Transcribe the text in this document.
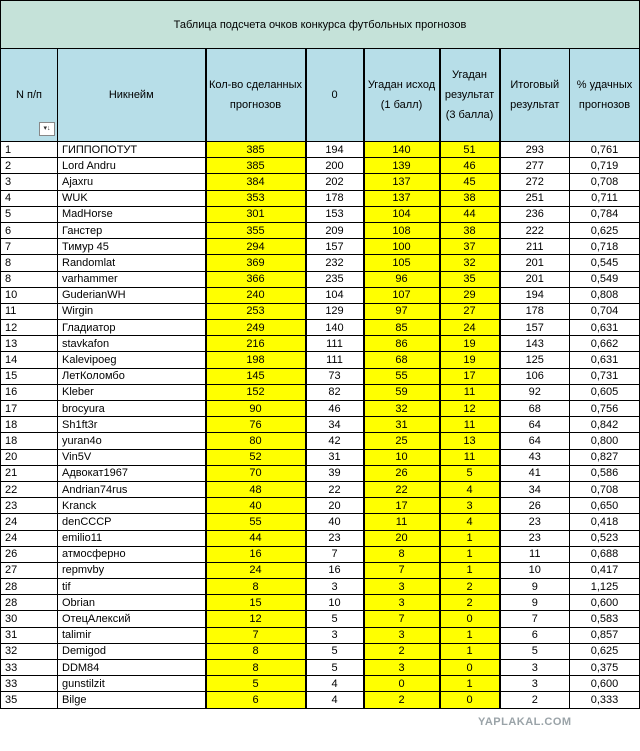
Таблица подсчета очков конкурса футбольных прогнозов							
N п/п	Никнейм	Кол-во сделанных прогнозов	0	Угадан исход (1 балл)	Угадан результат (3 балла)	Итоговый результат	% удачных прогнозов
1	ГИППОПОТУТ	385	194	140	51	293	0,761
2	Lord Andru	385	200	139	46	277	0,719
3	Ajaxru	384	202	137	45	272	0,708
4	WUK	353	178	137	38	251	0,711
5	MadHorse	301	153	104	44	236	0,784
6	Ганстер	355	209	108	38	222	0,625
7	Тимур 45	294	157	100	37	211	0,718
8	Randomlat	369	232	105	32	201	0,545
8	varhammer	366	235	96	35	201	0,549
10	GuderianWH	240	104	107	29	194	0,808
11	Wirgin	253	129	97	27	178	0,704
12	Гладиатор	249	140	85	24	157	0,631
13	stavkafon	216	111	86	19	143	0,662
14	Kalevipoeg	198	111	68	19	125	0,631
15	ЛетКоломбо	145	73	55	17	106	0,731
16	Kleber	152	82	59	11	92	0,605
17	brocyura	90	46	32	12	68	0,756
18	Sh1ft3r	76	34	31	11	64	0,842
18	yuran4o	80	42	25	13	64	0,800
20	Vin5V	52	31	10	11	43	0,827
21	Адвокат1967	70	39	26	5	41	0,586
22	Andrian74rus	48	22	22	4	34	0,708
23	Kranck	40	20	17	3	26	0,650
24	denCCCP	55	40	11	4	23	0,418
24	emilio11	44	23	20	1	23	0,523
26	атмосферно	16	7	8	1	11	0,688
27	repmvby	24	16	7	1	10	0,417
28	tif	8	3	3	2	9	1,125
28	Obrian	15	10	3	2	9	0,600
30	ОтецАлексий	12	5	7	0	7	0,583
31	talimir	7	3	3	1	6	0,857
32	Demigod	8	5	2	1	5	0,625
33	DDM84	8	5	3	0	3	0,375
33	gunstilzit	5	4	0	1	3	0,600
35	Bilge	6	4	2	0	2	0,333
▾↓
YAPLAKAL.COM
